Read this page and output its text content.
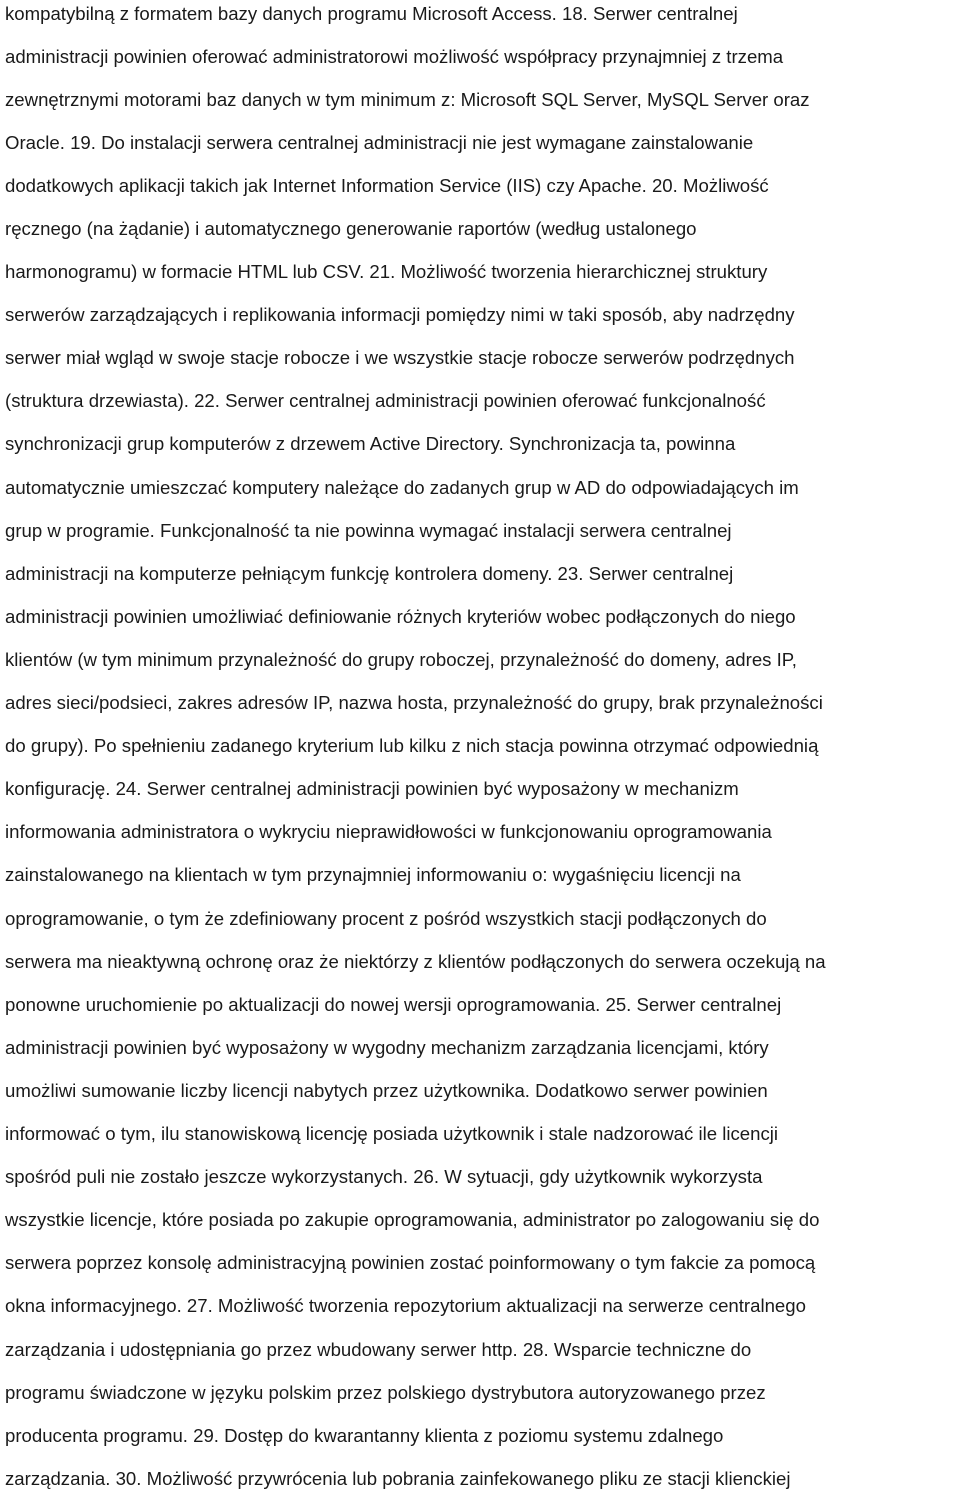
kompatybilną z formatem bazy danych programu Microsoft Access. 18. Serwer centralnej

administracji powinien oferować administratorowi możliwość współpracy przynajmniej z trzema

zewnętrznymi motorami baz danych w tym minimum z: Microsoft SQL Server, MySQL Server oraz

Oracle. 19. Do instalacji serwera centralnej administracji nie jest wymagane zainstalowanie

dodatkowych aplikacji takich jak Internet Information Service (IIS) czy Apache. 20. Możliwość

ręcznego (na żądanie) i automatycznego generowanie raportów (według ustalonego

harmonogramu) w formacie HTML lub CSV. 21. Możliwość tworzenia hierarchicznej struktury

serwerów zarządzających i replikowania informacji pomiędzy nimi w taki sposób, aby nadrzędny

serwer miał wgląd w swoje stacje robocze i we wszystkie stacje robocze serwerów podrzędnych

(struktura drzewiasta). 22. Serwer centralnej administracji powinien oferować funkcjonalność

synchronizacji grup komputerów z drzewem Active Directory. Synchronizacja ta, powinna

automatycznie umieszczać komputery należące do zadanych grup w AD do odpowiadających im

grup w programie. Funkcjonalność ta nie powinna wymagać instalacji serwera centralnej

administracji na komputerze pełniącym funkcję kontrolera domeny. 23. Serwer centralnej

administracji powinien umożliwiać definiowanie różnych kryteriów wobec podłączonych do niego

klientów (w tym minimum przynależność do grupy roboczej, przynależność do domeny, adres IP,

adres sieci/podsieci, zakres adresów IP, nazwa hosta, przynależność do grupy, brak przynależności

do grupy). Po spełnieniu zadanego kryterium lub kilku z nich stacja powinna otrzymać odpowiednią

konfigurację. 24. Serwer centralnej administracji powinien być wyposażony w mechanizm

informowania administratora o wykryciu nieprawidłowości w funkcjonowaniu oprogramowania

zainstalowanego na klientach w tym przynajmniej informowaniu o: wygaśnięciu licencji na

oprogramowanie, o tym że zdefiniowany procent z pośród wszystkich stacji podłączonych do

serwera ma nieaktywną ochronę oraz że niektórzy z klientów podłączonych do serwera oczekują na

ponowne uruchomienie po aktualizacji do nowej wersji oprogramowania. 25. Serwer centralnej

administracji powinien być wyposażony w wygodny mechanizm zarządzania licencjami, który

umożliwi sumowanie liczby licencji nabytych przez użytkownika. Dodatkowo serwer powinien

informować o tym, ilu stanowiskową licencję posiada użytkownik i stale nadzorować ile licencji

spośród puli nie zostało jeszcze wykorzystanych. 26. W sytuacji, gdy użytkownik wykorzysta

wszystkie licencje, które posiada po zakupie oprogramowania, administrator po zalogowaniu się do

serwera poprzez konsolę administracyjną powinien zostać poinformowany o tym fakcie za pomocą

okna informacyjnego. 27. Możliwość tworzenia repozytorium aktualizacji na serwerze centralnego

zarządzania i udostępniania go przez wbudowany serwer http. 28. Wsparcie techniczne do

programu świadczone w języku polskim przez polskiego dystrybutora autoryzowanego przez

producenta programu. 29. Dostęp do kwarantanny klienta z poziomu systemu zdalnego

zarządzania. 30. Możliwość przywrócenia lub pobrania zainfekowanego pliku ze stacji klienckiej
